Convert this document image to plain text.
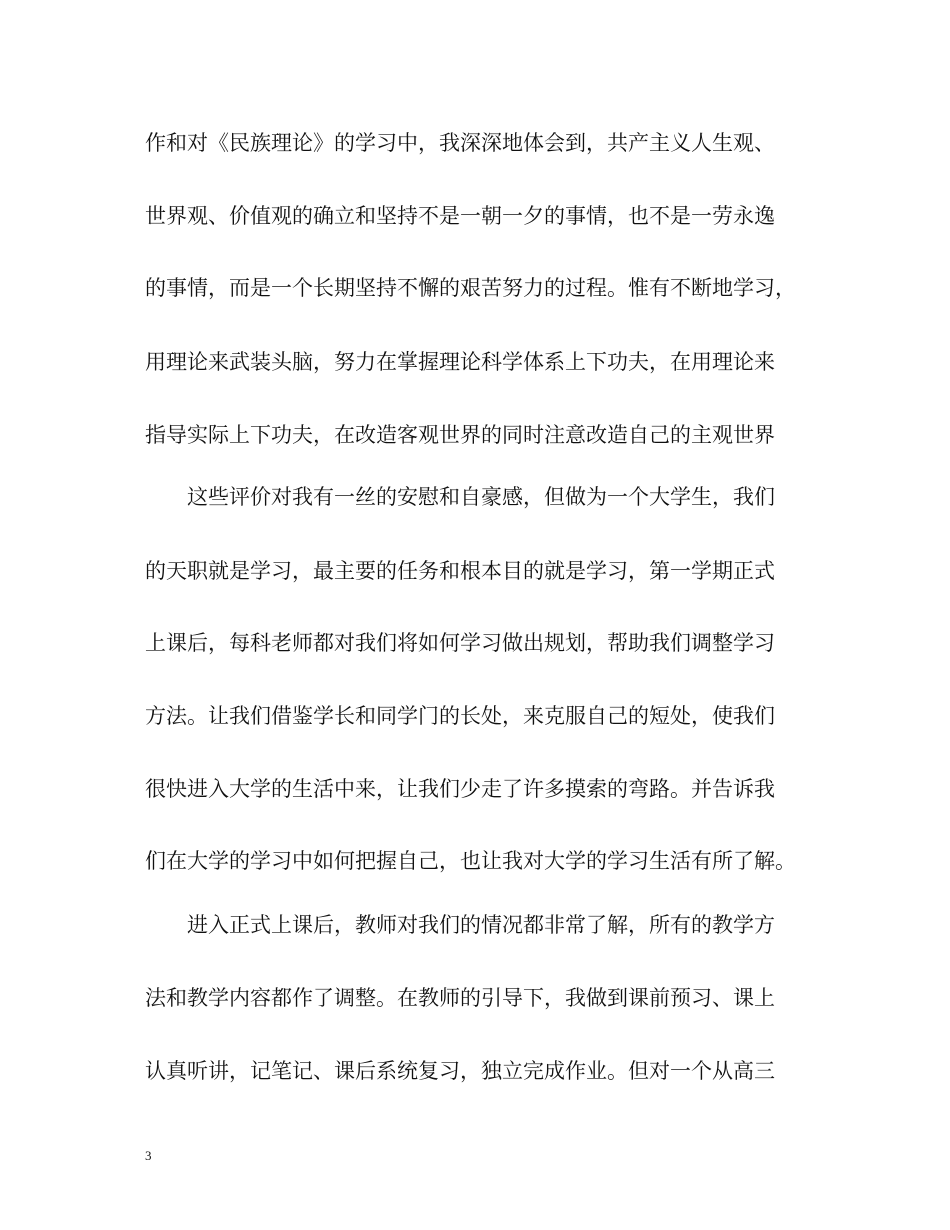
作和对《民族理论》的学习中，我深深地体会到，共产主义人生观、
世界观、价值观的确立和坚持不是一朝一夕的事情，也不是一劳永逸
的事情，而是一个长期坚持不懈的艰苦努力的过程。惟有不断地学习，
用理论来武装头脑，努力在掌握理论科学体系上下功夫，在用理论来
指导实际上下功夫，在改造客观世界的同时注意改造自己的主观世界
这些评价对我有一丝的安慰和自豪感，但做为一个大学生，我们
的天职就是学习，最主要的任务和根本目的就是学习，第一学期正式
上课后，每科老师都对我们将如何学习做出规划，帮助我们调整学习
方法。让我们借鉴学长和同学门的长处，来克服自己的短处，使我们
很快进入大学的生活中来，让我们少走了许多摸索的弯路。并告诉我
们在大学的学习中如何把握自己，也让我对大学的学习生活有所了解。
进入正式上课后，教师对我们的情况都非常了解，所有的教学方
法和教学内容都作了调整。在教师的引导下，我做到课前预习、课上
认真听讲，记笔记、课后系统复习，独立完成作业。但对一个从高三
3
